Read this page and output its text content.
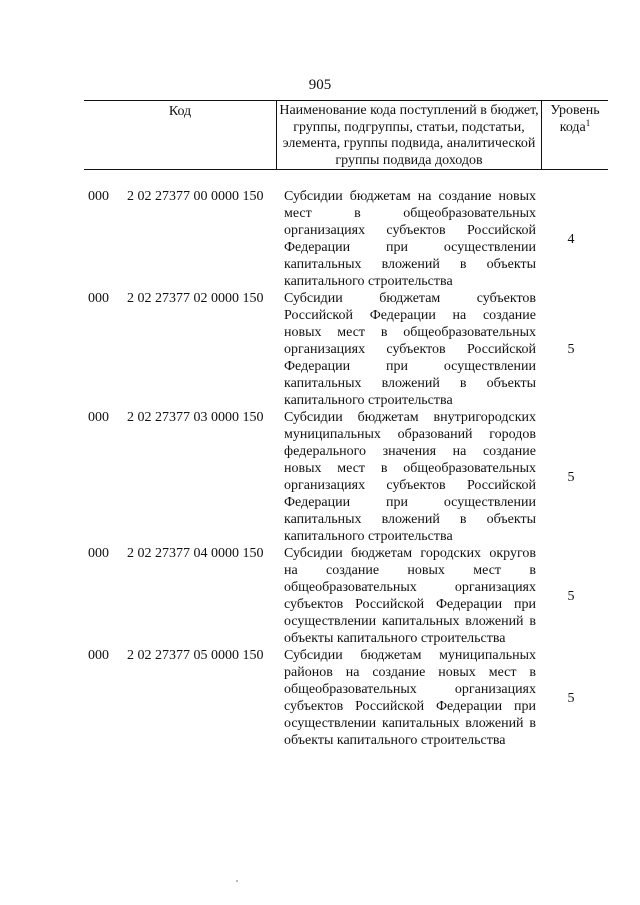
905
Код	Наименование кода поступлений в бюджет, группы, подгруппы, статьи, подстатьи, элемента, группы подвида, аналитической группы подвида доходов
Уровень кода$^1$
000 2 02 27377 00 0000 150 Субсидии бюджетам на создание новых мест в общеобразовательных организациях субъектов Российской Федерации при осуществлении капитальных вложений в объекты капитального строительства
4
000 2 02 27377 02 0000 150 Субсидии бюджетам субъектов Российской Федерации на создание новых мест в общеобразовательных организациях субъектов Российской Федерации при осуществлении капитальных вложений в объекты капитального строительства
5
000 2 02 27377 03 0000 150 Субсидии бюджетам внутригородских муниципальных образований городов федерального значения на создание новых мест в общеобразовательных организациях субъектов Российской Федерации при осуществлении капитальных вложений в объекты капитального строительства
5
000 2 02 27377 04 0000 150 Субсидии бюджетам городских округов на создание новых мест в общеобразовательных организациях субъектов Российской Федерации при осуществлении капитальных вложений в объекты капитального строительства
5
000 2 02 27377 05 0000 150 Субсидии бюджетам муниципальных районов на создание новых мест в общеобразовательных организациях субъектов Российской Федерации при осуществлении капитальных вложений в объекты капитального строительства
5
